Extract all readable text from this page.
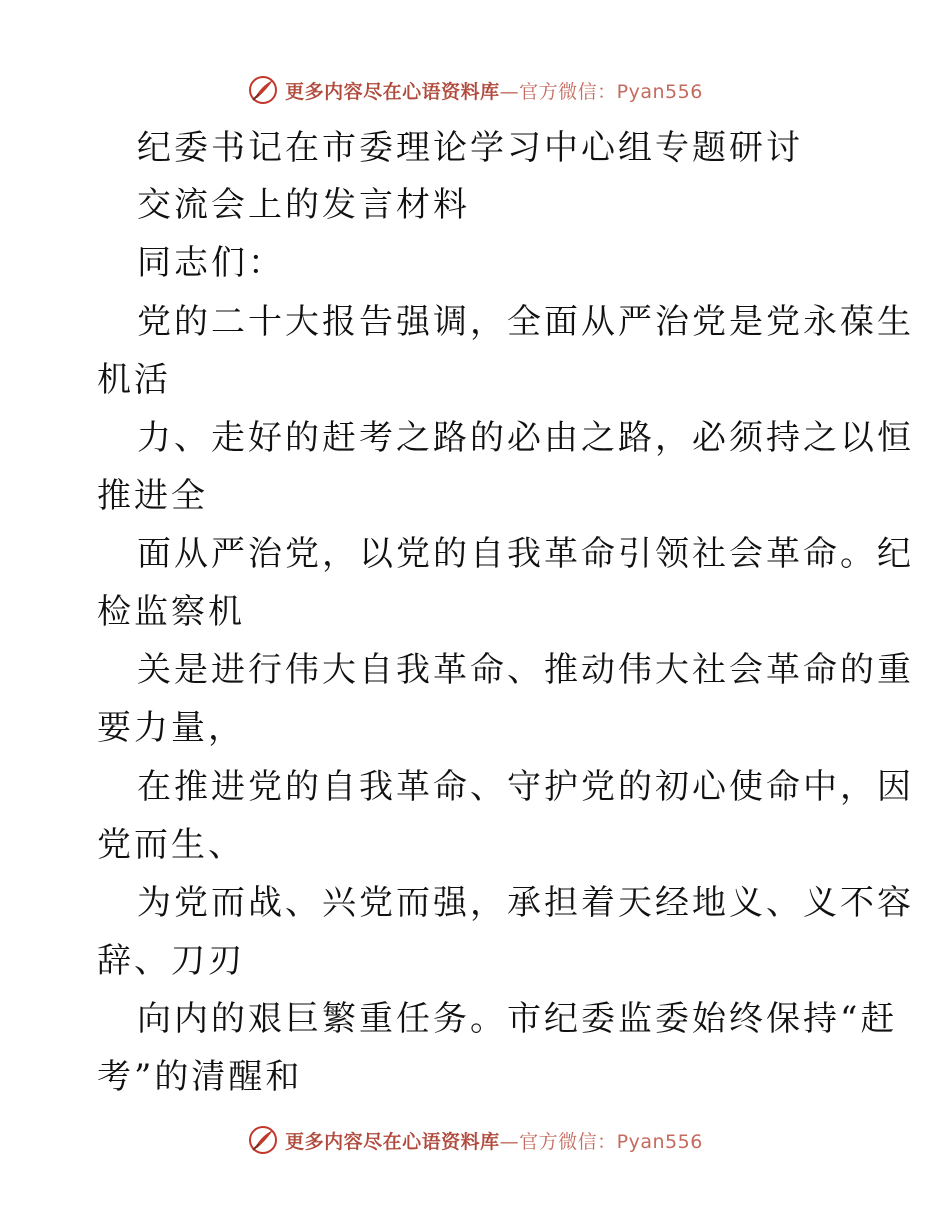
更多内容尽在心语资料库—官方微信：Pyan556
纪委书记在市委理论学习中心组专题研讨
交流会上的发言材料
同志们：
党的二十大报告强调，全面从严治党是党永葆生
机活
力、走好的赶考之路的必由之路，必须持之以恒
推进全
面从严治党，以党的自我革命引领社会革命。纪
检监察机
关是进行伟大自我革命、推动伟大社会革命的重
要力量，
在推进党的自我革命、守护党的初心使命中，因
党而生、
为党而战、兴党而强，承担着天经地义、义不容
辞、刀刃
向内的艰巨繁重任务。市纪委监委始终保持“赶
考”的清醒和
更多内容尽在心语资料库—官方微信：Pyan556
